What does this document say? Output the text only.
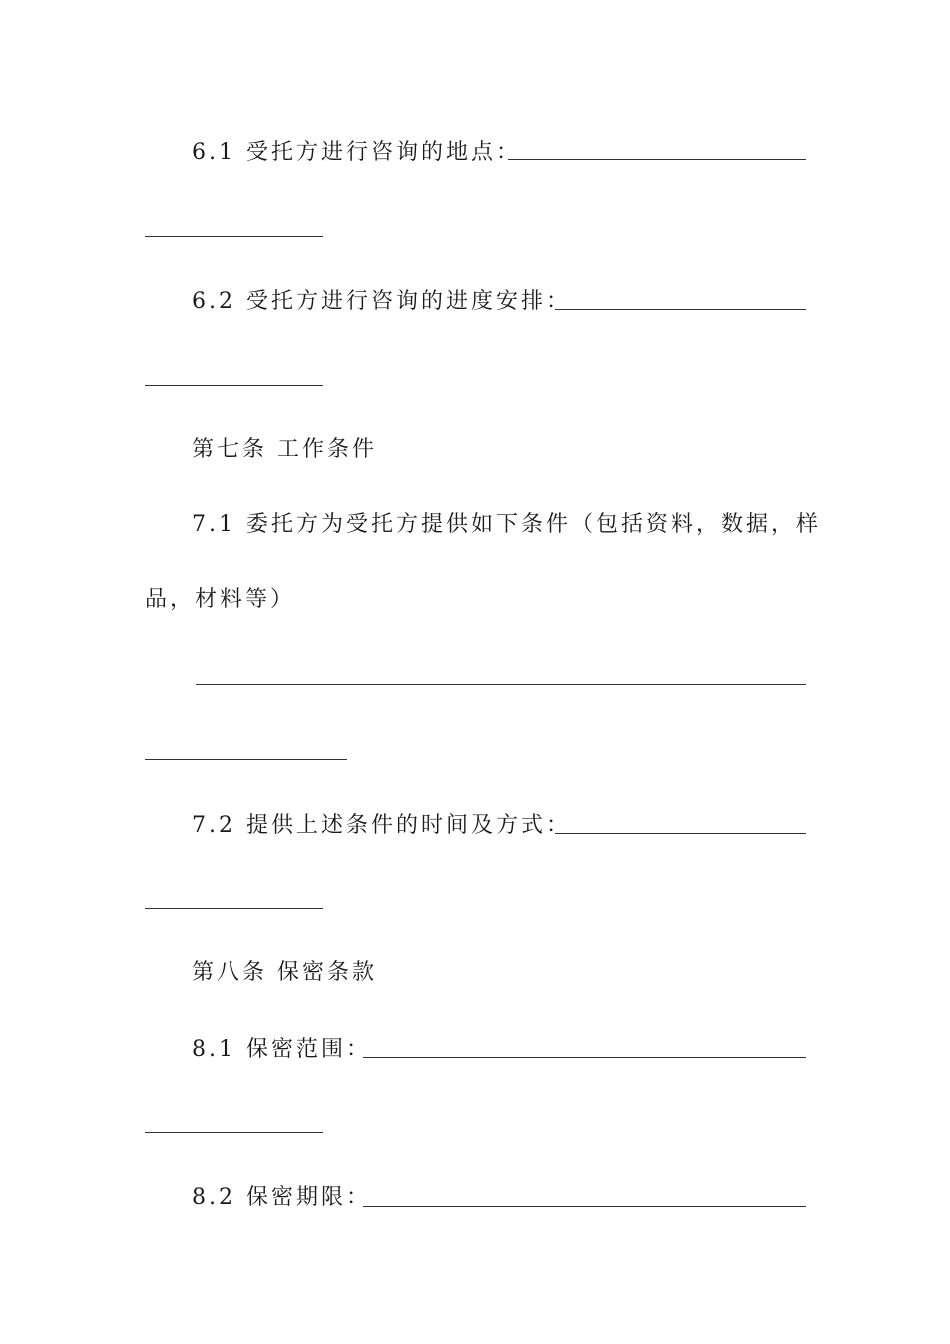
6.1 受托方进行咨询的地点：
6.2 受托方进行咨询的进度安排：
第七条 工作条件
7.1 委托方为受托方提供如下条件（包括资料，数据，样
品，材料等）
7.2 提供上述条件的时间及方式：
第八条 保密条款
8.1 保密范围：
8.2 保密期限：
